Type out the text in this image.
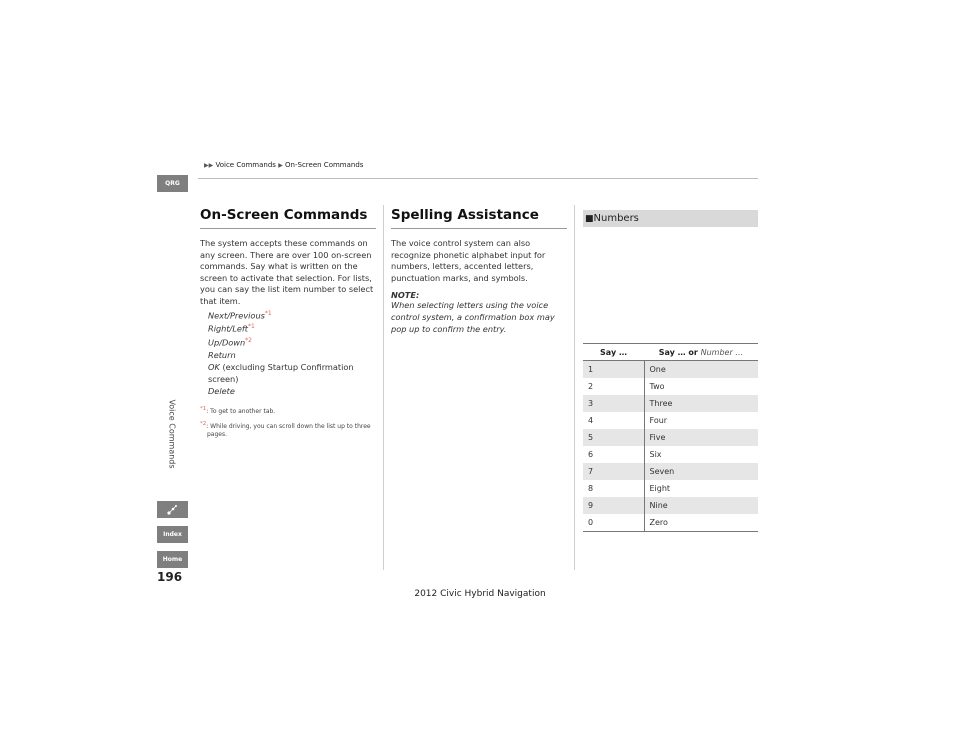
▶▶ Voice Commands ▶ On-Screen Commands
QRG
Voice Commands
Index
Home
196
On-Screen Commands

The system accepts these commands on any screen. There are over 100 on-screen commands. Say what is written on the screen to activate that selection. For lists, you can say the list item number to select that item.

Next/Previous$^{*1}$
Right/Left$^{*1}$
Up/Down$^{*2}$
Return
OK (excluding Startup Confirmation screen)
Delete
*1: To get to another tab.
*2: While driving, you can scroll down the list up to three pages.
Spelling Assistance

The voice control system can also recognize phonetic alphabet input for numbers, letters, accented letters, punctuation marks, and symbols.

NOTE:
When selecting letters using the voice control system, a confirmation box may pop up to confirm the entry.
■Numbers
Say …	Say … or Number …
1	One
2	Two
3	Three
4	Four
5	Five
6	Six
7	Seven
8	Eight
9	Nine
0	Zero
2012 Civic Hybrid Navigation
